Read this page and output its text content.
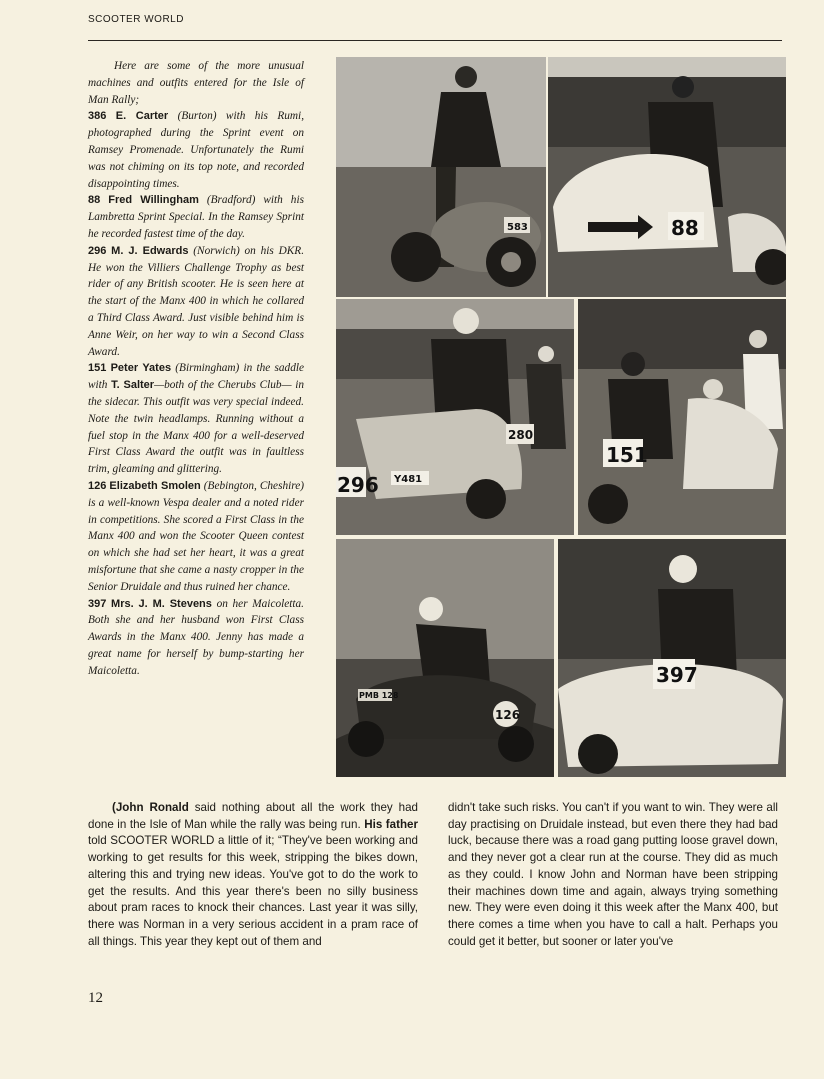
SCOOTER WORLD

Here are some of the more unusual machines and outfits entered for the Isle of Man Rally;

386 E. Carter (Burton) with his Rumi, photographed during the Sprint event on Ramsey Promenade. Unfortunately the Rumi was not chiming on its top note, and recorded disappointing times.

88 Fred Willingham (Bradford) with his Lambretta Sprint Special. In the Ramsey Sprint he recorded fastest time of the day.

296 M. J. Edwards (Norwich) on his DKR. He won the Villiers Challenge Trophy as best rider of any British scooter. He is seen here at the start of the Manx 400 in which he collared a Third Class Award. Just visible behind him is Anne Weir, on her way to win a Second Class Award.

151 Peter Yates (Birmingham) in the saddle with T. Salter—both of the Cherubs Club— in the sidecar. This outfit was very special indeed. Note the twin headlamps. Running without a fuel stop in the Manx 400 for a well-deserved First Class Award the outfit was in faultless trim, gleaming and glittering.

126 Elizabeth Smolen (Bebington, Cheshire) is a well-known Vespa dealer and a noted rider in competitions. She scored a First Class in the Manx 400 and won the Scooter Queen contest on which she had set her heart, it was a great misfortune that she came a nasty cropper in the Senior Druidale and thus ruined her chance.

397 Mrs. J. M. Stevens on her Maicoletta. Both she and her husband won First Class Awards in the Manx 400. Jenny has made a great name for herself by bump-starting her Maicoletta.

583	88
296 Y481
280
151
126
PMB 128
397

(John Ronald said nothing about all the work they had done in the Isle of Man while the rally was being run. His father told SCOOTER WORLD a little of it; “They've been working and working to get results for this week, stripping the bikes down, altering this and trying new ideas. You've got to do the work to get the results. And this year there's been no silly business about pram races to knock their chances. Last year it was silly, there was Norman in a very serious accident in a pram race of all things. This year they kept out of them and

didn't take such risks. You can't if you want to win. They were all day practising on Druidale instead, but even there they had bad luck, because there was a road gang putting loose gravel down, and they never got a clear run at the course. They did as much as they could. I know John and Norman have been stripping their machines down time and again, always trying something new. They were even doing it this week after the Manx 400, but there comes a time when you have to call a halt. Perhaps you could get it better, but sooner or later you've

12
